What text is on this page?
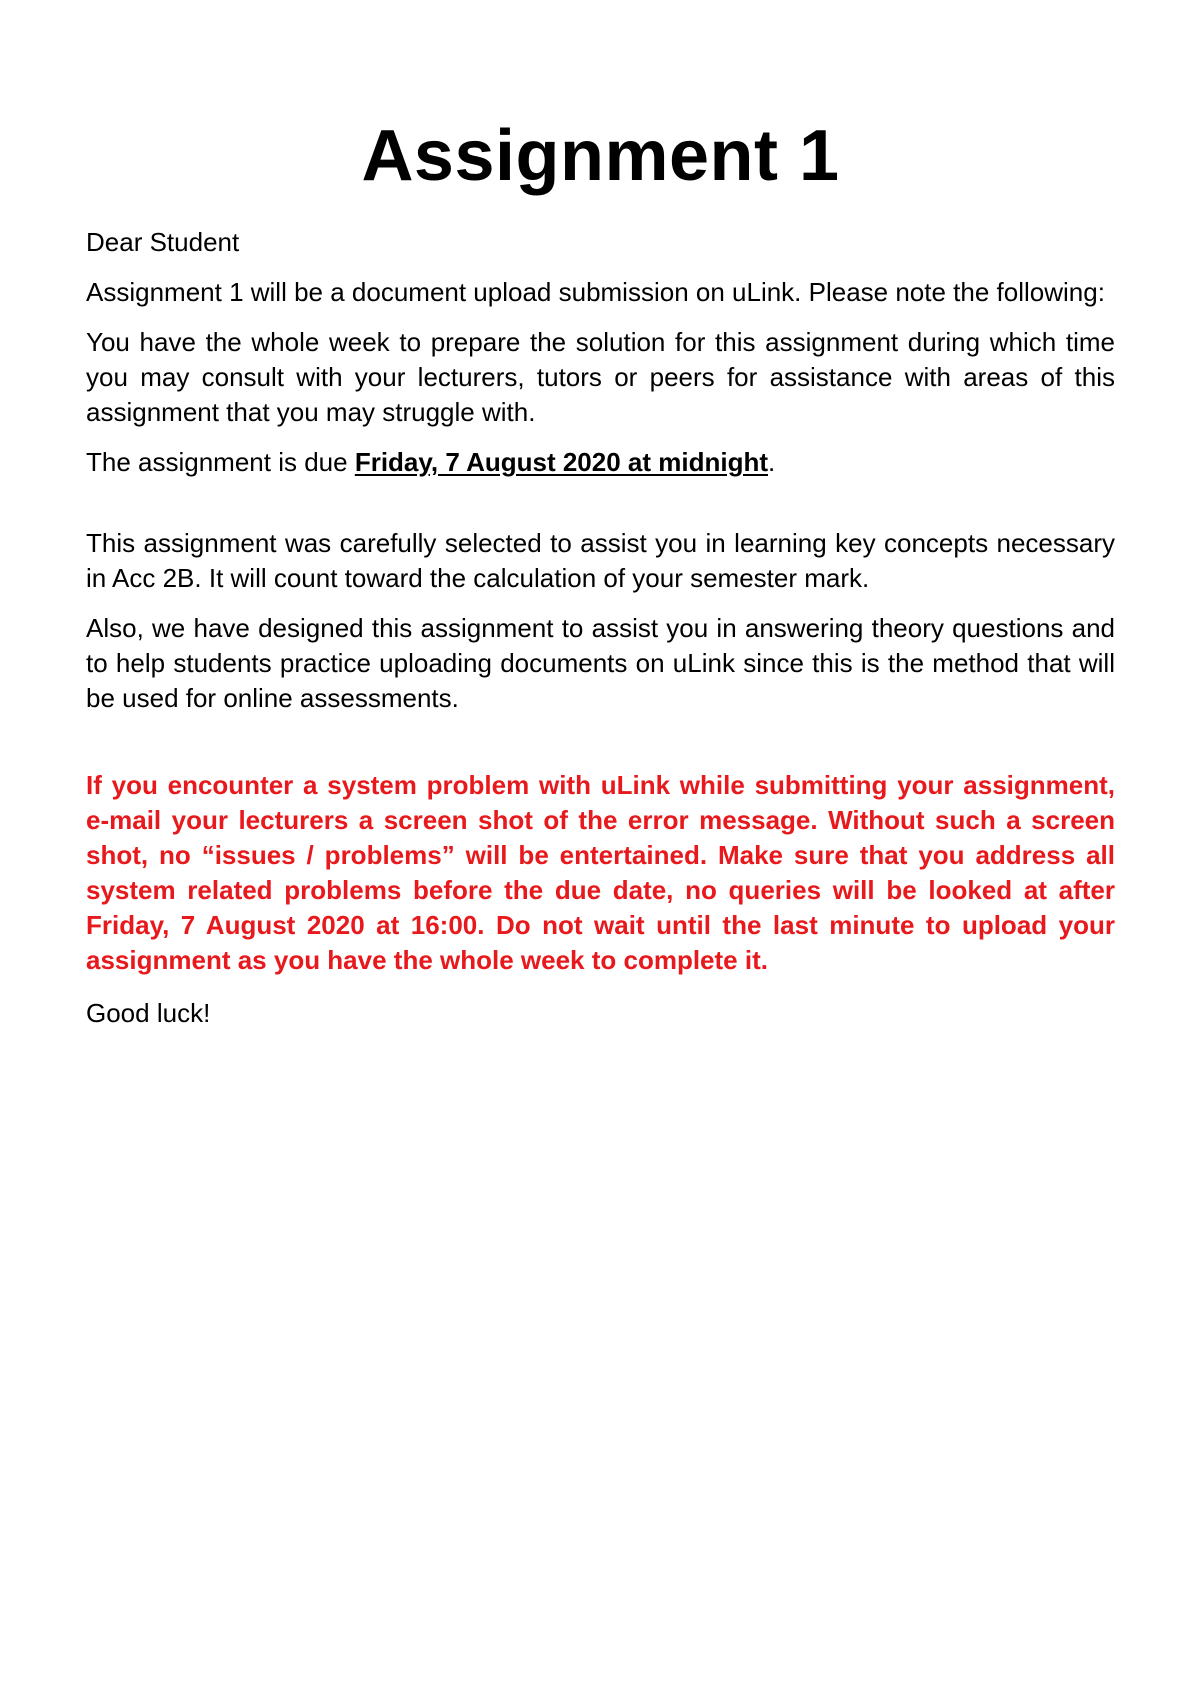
Assignment 1

Dear Student

Assignment 1 will be a document upload submission on uLink. Please note the following:

You have the whole week to prepare the solution for this assignment during which time you may consult with your lecturers, tutors or peers for assistance with areas of this assignment that you may struggle with.

The assignment is due Friday, 7 August 2020 at midnight.

This assignment was carefully selected to assist you in learning key concepts necessary in Acc 2B. It will count toward the calculation of your semester mark.

Also, we have designed this assignment to assist you in answering theory questions and to help students practice uploading documents on uLink since this is the method that will be used for online assessments.

If you encounter a system problem with uLink while submitting your assignment, e-mail your lecturers a screen shot of the error message. Without such a screen shot, no “issues / problems” will be entertained. Make sure that you address all system related problems before the due date, no queries will be looked at after Friday, 7 August 2020 at 16:00. Do not wait until the last minute to upload your assignment as you have the whole week to complete it.

Good luck!
